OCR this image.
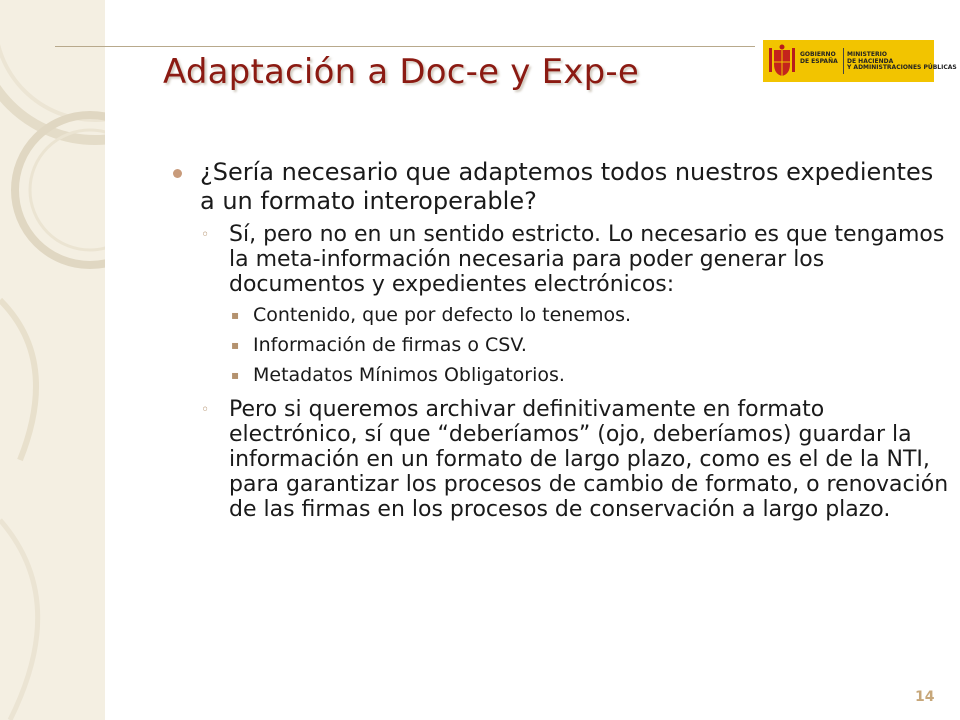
Adaptación a Doc-e y Exp-e	GOBIERNO
DE ESPAÑA
MINISTERIO
DE HACIENDA
Y ADMINISTRACIONES PÚBLICAS
¿Sería necesario que adaptemos todos nuestros expedientes a un formato interoperable?
◦ Sí, pero no en un sentido estricto. Lo necesario es que tengamos la meta-información necesaria para poder generar los documentos y expedientes electrónicos:
▪ Contenido, que por defecto lo tenemos.
▪ Información de firmas o CSV.
▪ Metadatos Mínimos Obligatorios.
◦ Pero si queremos archivar definitivamente en formato electrónico, sí que “deberíamos” (ojo, deberíamos) guardar la información en un formato de largo plazo, como es el de la NTI, para garantizar los procesos de cambio de formato, o renovación de las firmas en los procesos de conservación a largo plazo.
14
